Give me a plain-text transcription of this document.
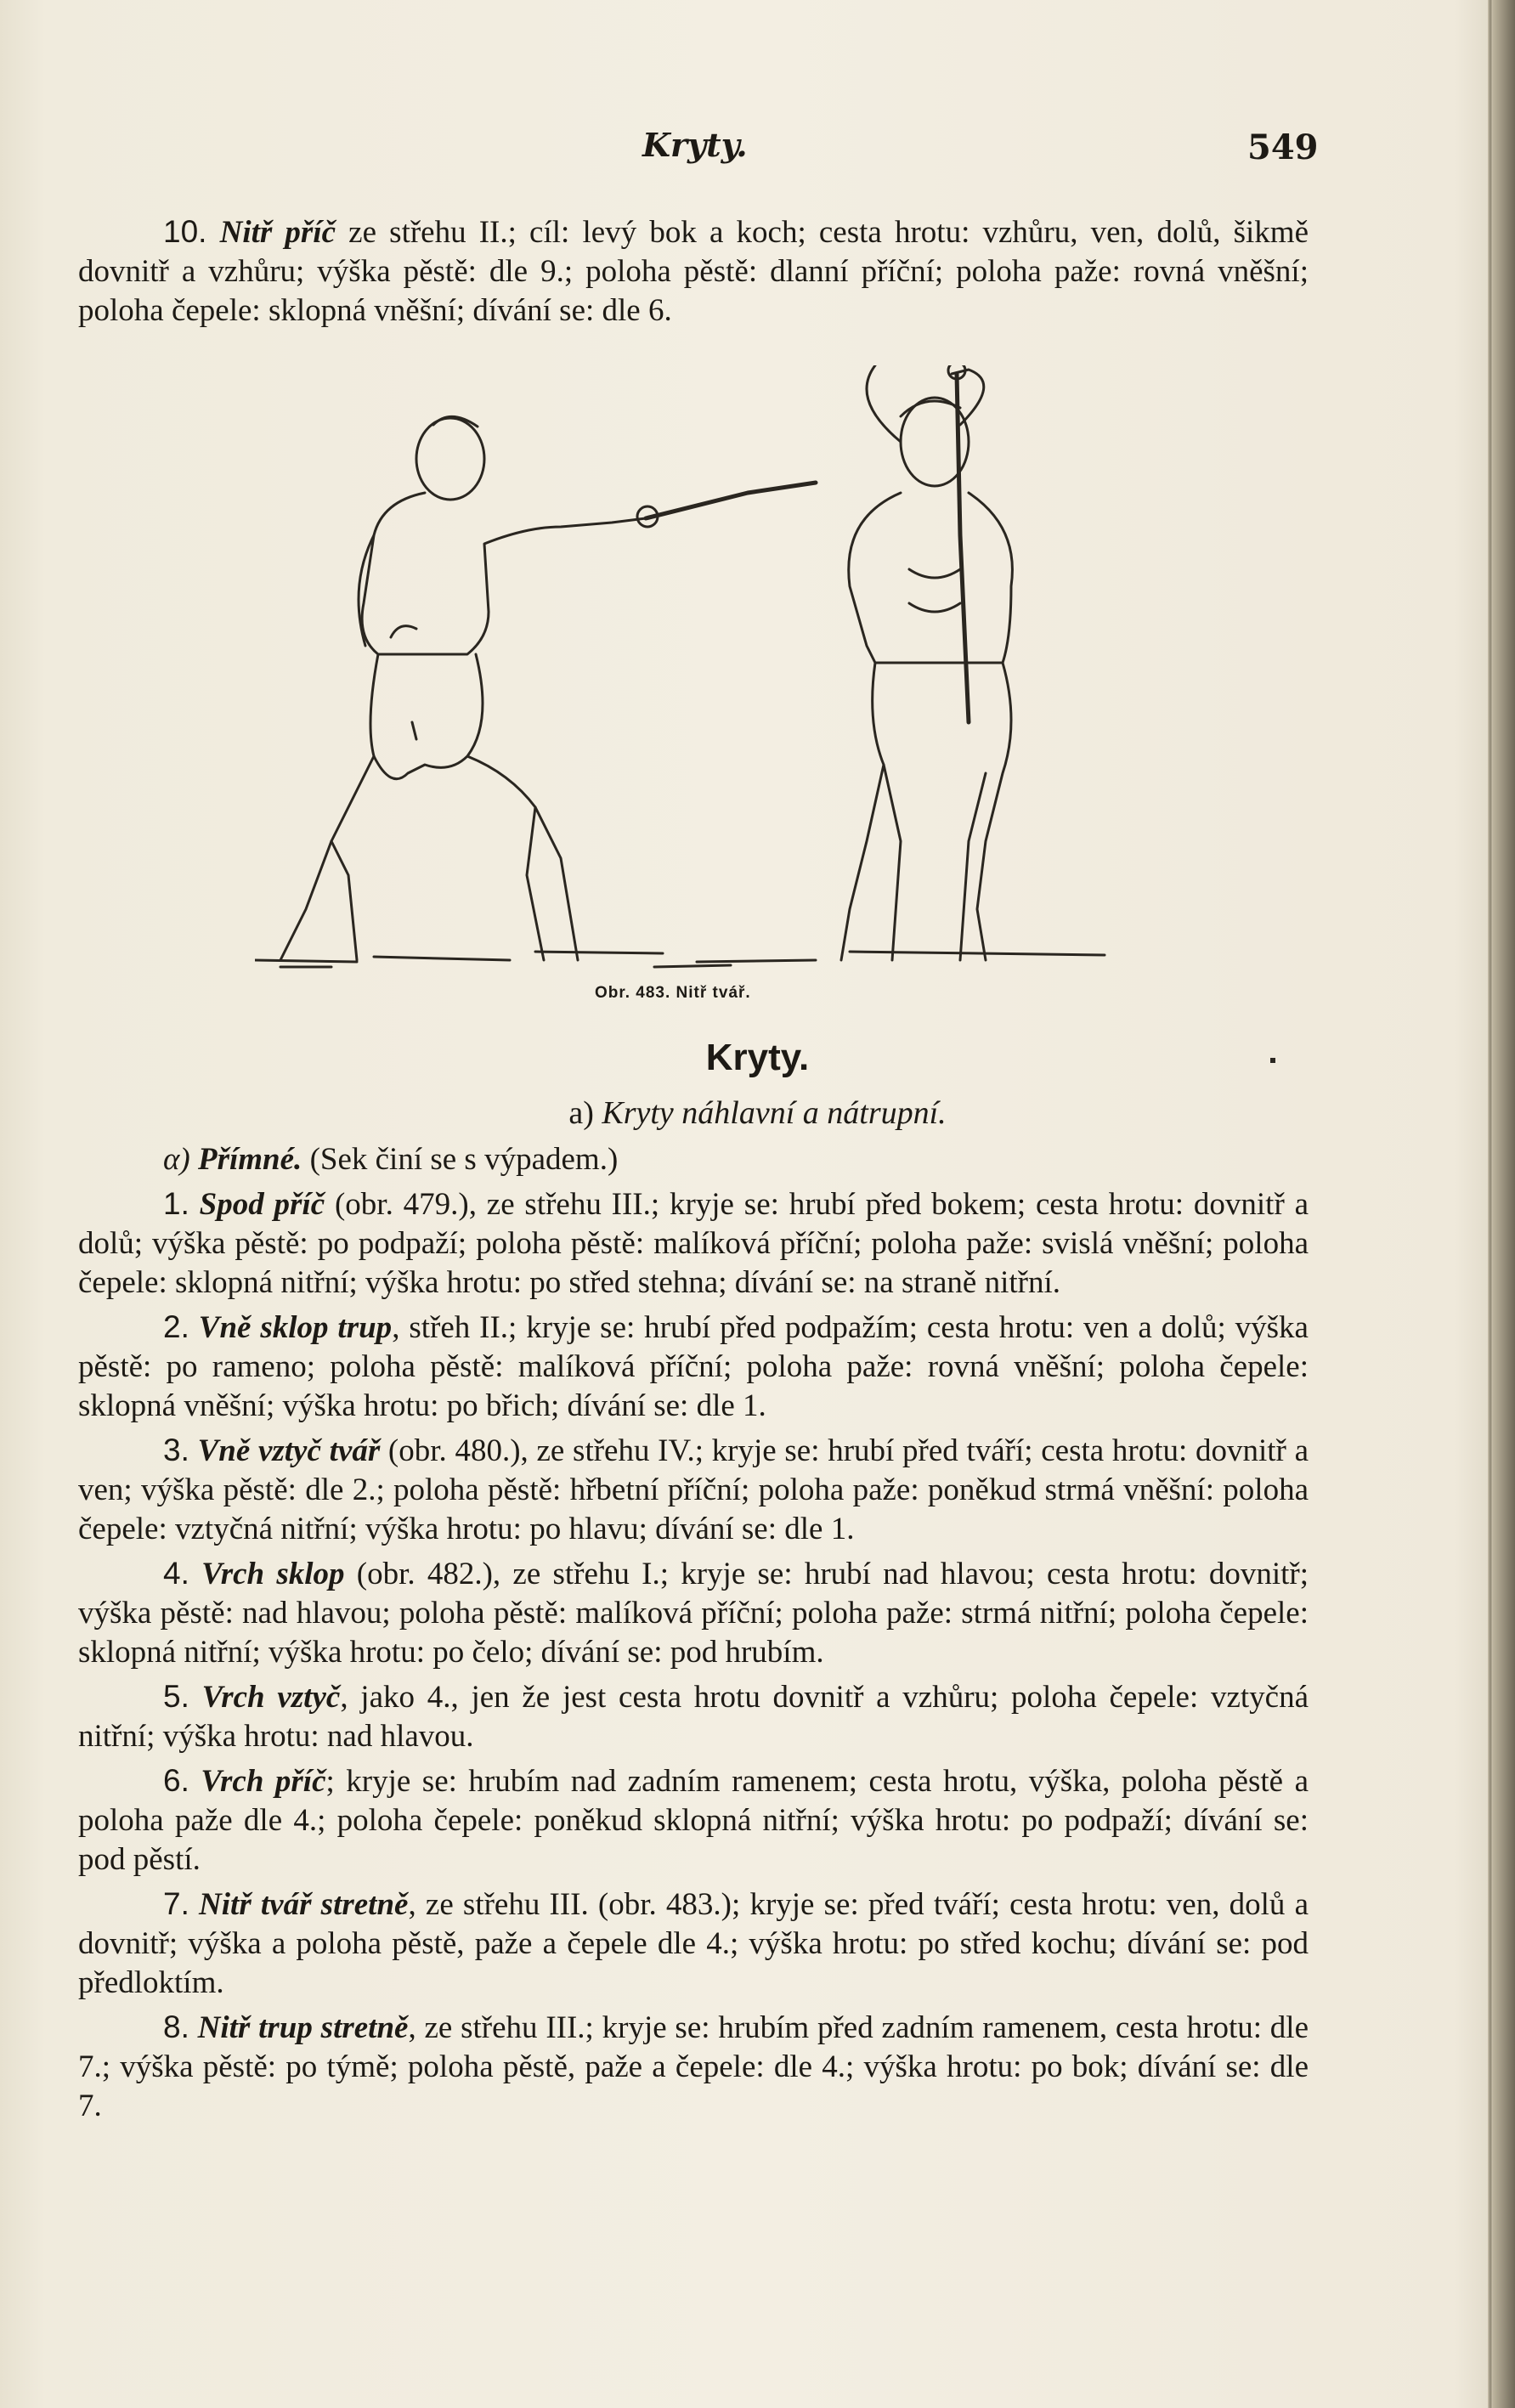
Kryty.	549

10. Nitř příč ze střehu II.; cíl: levý bok a koch; cesta hrotu: vzhůru, ven, dolů, šikmě dovnitř a vzhůru; výška pěstě: dle 9.; poloha pěstě: dlanní příční; poloha paže: rovná vněšní; poloha čepele: sklopná vněšní; dívání se: dle 6.

Obr. 483. Nitř tvář.
Kryty.
a) Kryty náhlavní a nátrupní.

α) Přímné. (Sek činí se s výpadem.)

1. Spod příč (obr. 479.), ze střehu III.; kryje se: hrubí před bokem; cesta hrotu: dovnitř a dolů; výška pěstě: po podpaží; poloha pěstě: malíková příční; poloha paže: svislá vněšní; poloha čepele: sklopná nitřní; výška hrotu: po střed stehna; dívání se: na straně nitřní.

2. Vně sklop trup, střeh II.; kryje se: hrubí před podpažím; cesta hrotu: ven a dolů; výška pěstě: po rameno; poloha pěstě: malíková příční; poloha paže: rovná vněšní; poloha čepele: sklopná vněšní; výška hrotu: po břich; dívání se: dle 1.

3. Vně vztyč tvář (obr. 480.), ze střehu IV.; kryje se: hrubí před tváří; cesta hrotu: dovnitř a ven; výška pěstě: dle 2.; poloha pěstě: hřbetní příční; poloha paže: poněkud strmá vněšní: poloha čepele: vztyčná nitřní; výška hrotu: po hlavu; dívání se: dle 1.

4. Vrch sklop (obr. 482.), ze střehu I.; kryje se: hrubí nad hlavou; cesta hrotu: dovnitř; výška pěstě: nad hlavou; poloha pěstě: malíková příční; poloha paže: strmá nitřní; poloha čepele: sklopná nitřní; výška hrotu: po čelo; dívání se: pod hrubím.

5. Vrch vztyč, jako 4., jen že jest cesta hrotu dovnitř a vzhůru; poloha čepele: vztyčná nitřní; výška hrotu: nad hlavou.

6. Vrch příč; kryje se: hrubím nad zadním ramenem; cesta hrotu, výška, poloha pěstě a poloha paže dle 4.; poloha čepele: poněkud sklopná nitřní; výška hrotu: po podpaží; dívání se: pod pěstí.

7. Nitř tvář stretně, ze střehu III. (obr. 483.); kryje se: před tváří; cesta hrotu: ven, dolů a dovnitř; výška a poloha pěstě, paže a čepele dle 4.; výška hrotu: po střed kochu; dívání se: pod předloktím.

8. Nitř trup stretně, ze střehu III.; kryje se: hrubím před zadním ramenem, cesta hrotu: dle 7.; výška pěstě: po týmě; poloha pěstě, paže a čepele: dle 4.; výška hrotu: po bok; dívání se: dle 7.
